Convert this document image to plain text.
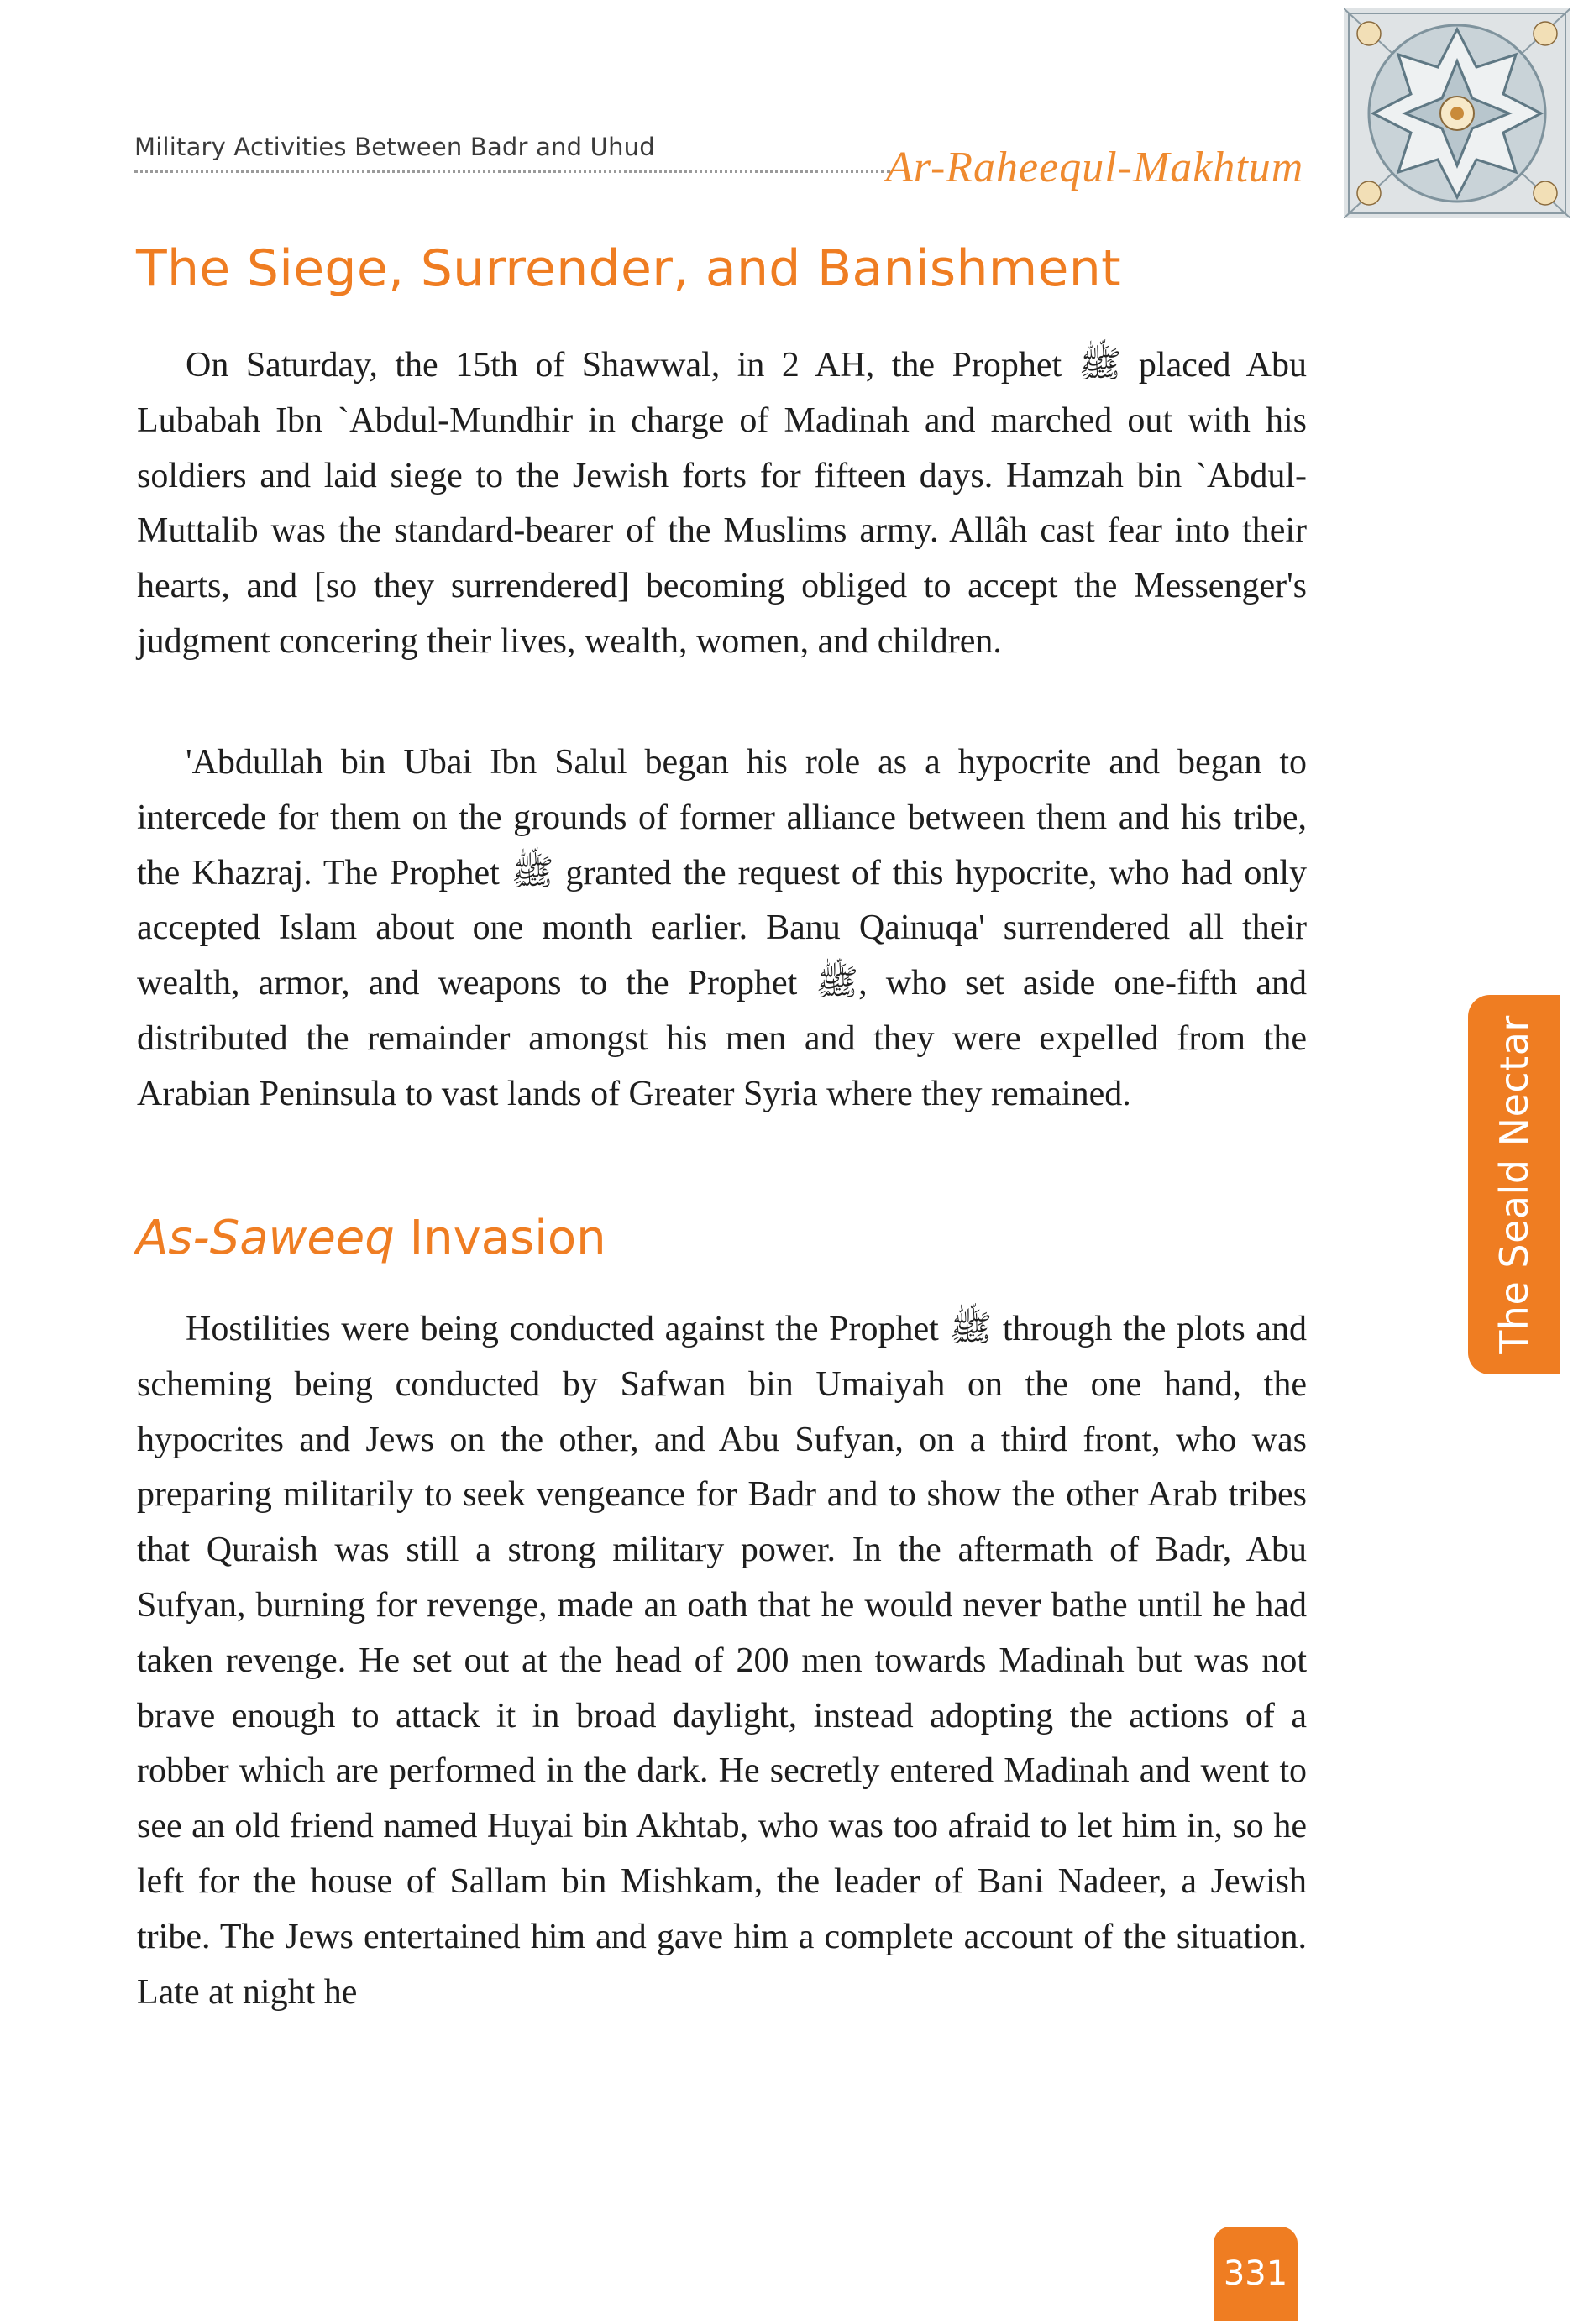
Military Activities Between Badr and Uhud	Ar-Raheequl-Makhtum
The Siege, Surrender, and Banishment

On Saturday, the 15th of Shawwal, in 2 AH, the Prophet ﷺ placed Abu Lubabah Ibn `Abdul-Mundhir in charge of Madinah and marched out with his soldiers and laid siege to the Jewish forts for fifteen days. Hamzah bin `Abdul-Muttalib was the standard-bearer of the Muslims army. Allâh cast fear into their hearts, and [so they surrendered] becoming obliged to accept the Messenger's judgment concering their lives, wealth, women, and children.

'Abdullah bin Ubai Ibn Salul began his role as a hypocrite and began to intercede for them on the grounds of former alliance between them and his tribe, the Khazraj. The Prophet ﷺ granted the request of this hypocrite, who had only accepted Islam about one month earlier. Banu Qainuqa' surrendered all their wealth, armor, and weapons to the Prophet ﷺ, who set aside one-fifth and distributed the remainder amongst his men and they were expelled from the Arabian Peninsula to vast lands of Greater Syria where they remained.

As-Saweeq Invasion

Hostilities were being conducted against the Prophet ﷺ through the plots and scheming being conducted by Safwan bin Umaiyah on the one hand, the hypocrites and Jews on the other, and Abu Sufyan, on a third front, who was preparing militarily to seek vengeance for Badr and to show the other Arab tribes that Quraish was still a strong military power. In the aftermath of Badr, Abu Sufyan, burning for revenge, made an oath that he would never bathe until he had taken revenge. He set out at the head of 200 men towards Madinah but was not brave enough to attack it in broad daylight, instead adopting the actions of a robber which are performed in the dark. He secretly entered Madinah and went to see an old friend named Huyai bin Akhtab, who was too afraid to let him in, so he left for the house of Sallam bin Mishkam, the leader of Bani Nadeer, a Jewish tribe. The Jews entertained him and gave him a complete account of the situation. Late at night he

The Seald Nectar
331
